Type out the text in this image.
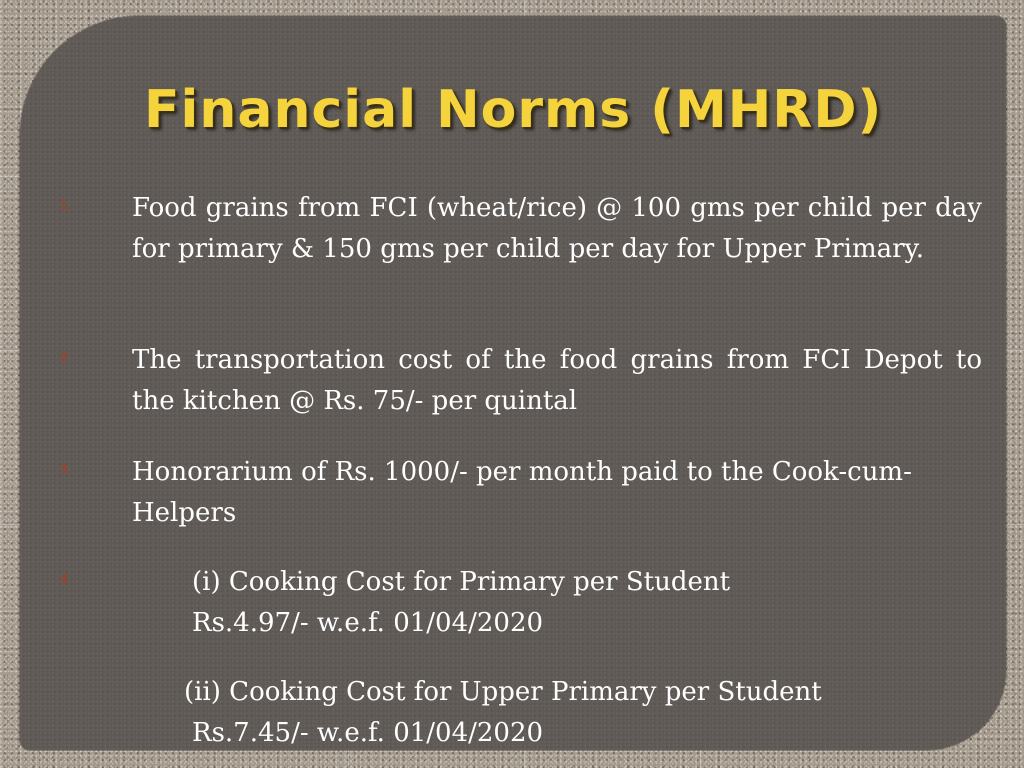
Financial Norms (MHRD)
1.	Food grains from FCI (wheat/rice) @ 100 gms per child per day for primary & 150 gms per child per day for Upper Primary.
2.	The transportation cost of the food grains from FCI Depot to the kitchen @ Rs. 75/- per quintal
3.	Honorarium of Rs. 1000/- per month paid to the Cook-cum-Helpers
4.	(i) Cooking Cost for Primary per Student
Rs.4.97/- w.e.f. 01/04/2020
(ii) Cooking Cost for Upper Primary per Student
Rs.7.45/- w.e.f. 01/04/2020
